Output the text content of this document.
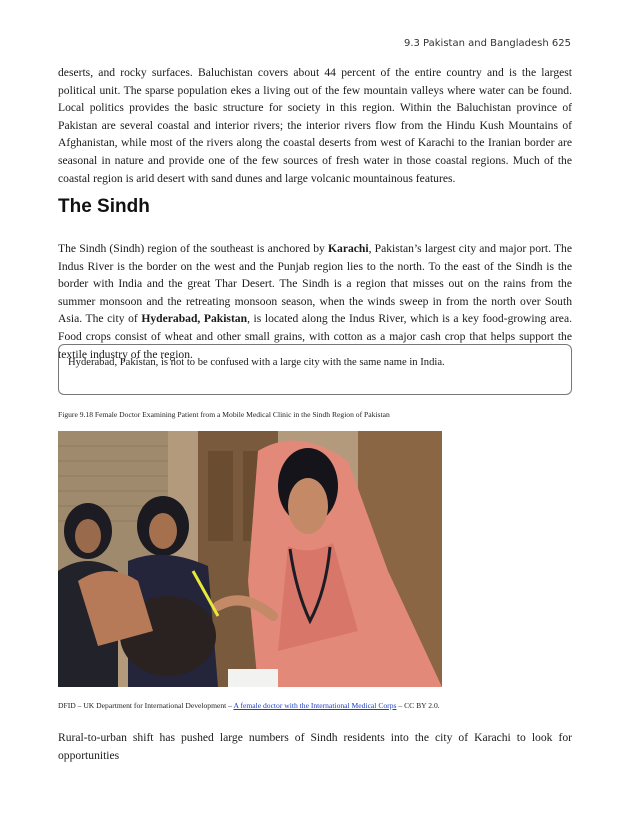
9.3 Pakistan and Bangladesh 625

deserts, and rocky surfaces. Baluchistan covers about 44 percent of the entire country and is the largest political unit. The sparse population ekes a living out of the few mountain valleys where water can be found. Local politics provides the basic structure for society in this region. Within the Baluchistan province of Pakistan are several coastal and interior rivers; the interior rivers flow from the Hindu Kush Mountains of Afghanistan, while most of the rivers along the coastal deserts from west of Karachi to the Iranian border are seasonal in nature and provide one of the few sources of fresh water in those coastal regions. Much of the coastal region is arid desert with sand dunes and large volcanic mountainous features.

The Sindh

The Sindh (Sindh) region of the southeast is anchored by Karachi, Pakistan’s largest city and major port. The Indus River is the border on the west and the Punjab region lies to the north. To the east of the Sindh is the border with India and the great Thar Desert. The Sindh is a region that misses out on the rains from the summer monsoon and the retreating monsoon season, when the winds sweep in from the north over South Asia. The city of Hyderabad, Pakistan, is located along the Indus River, which is a key food-growing area. Food crops consist of wheat and other small grains, with cotton as a major cash crop that helps support the textile industry of the region.

Hyderabad, Pakistan, is not to be confused with a large city with the same name in India.
Figure 9.18 Female Doctor Examining Patient from a Mobile Medical Clinic in the Sindh Region of Pakistan
DFID – UK Department for International Development – A female doctor with the International Medical Corps – CC BY 2.0.

Rural-to-urban shift has pushed large numbers of Sindh residents into the city of Karachi to look for opportunities
